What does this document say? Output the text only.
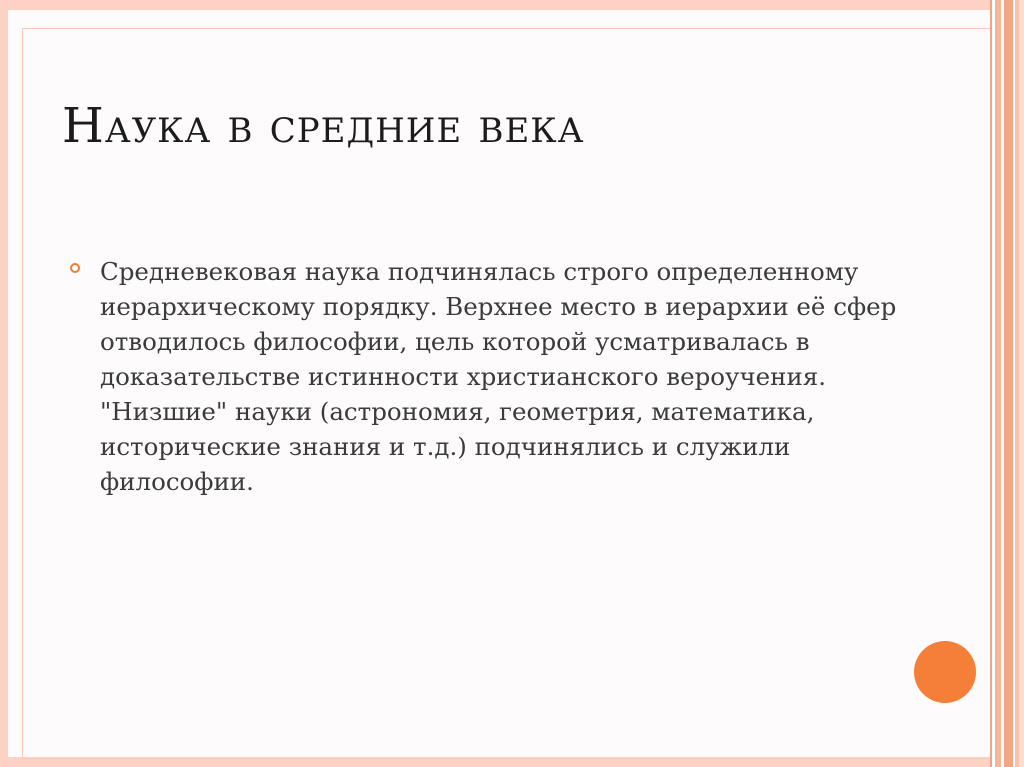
Наука в средние века

Средневековая наука подчинялась строго определенному иерархическому порядку. Верхнее место в иерархии её сфер отводилось философии, цель которой усматривалась в доказательстве истинности христианского вероучения. "Низшие" науки (астрономия, геометрия, математика, исторические знания и т.д.) подчинялись и служили философии.
